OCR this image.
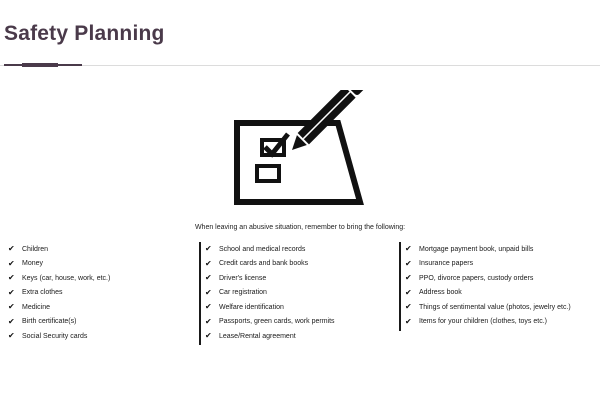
Safety Planning
When leaving an abusive situation, remember to bring the following:
✔	Children
✔	Money
✔	Keys (car, house, work, etc.)
✔	Extra clothes
✔	Medicine
✔	Birth certificate(s)
✔	Social Security cards
✔	School and medical records
✔	Credit cards and bank books
✔	Driver's license
✔	Car registration
✔	Welfare identification
✔	Passports, green cards, work permits
✔	Lease/Rental agreement
✔	Mortgage payment book, unpaid bills
✔	Insurance papers
✔	PPO, divorce papers, custody orders
✔	Address book
✔	Things of sentimental value (photos, jewelry etc.)
✔	Items for your children (clothes, toys etc.)
